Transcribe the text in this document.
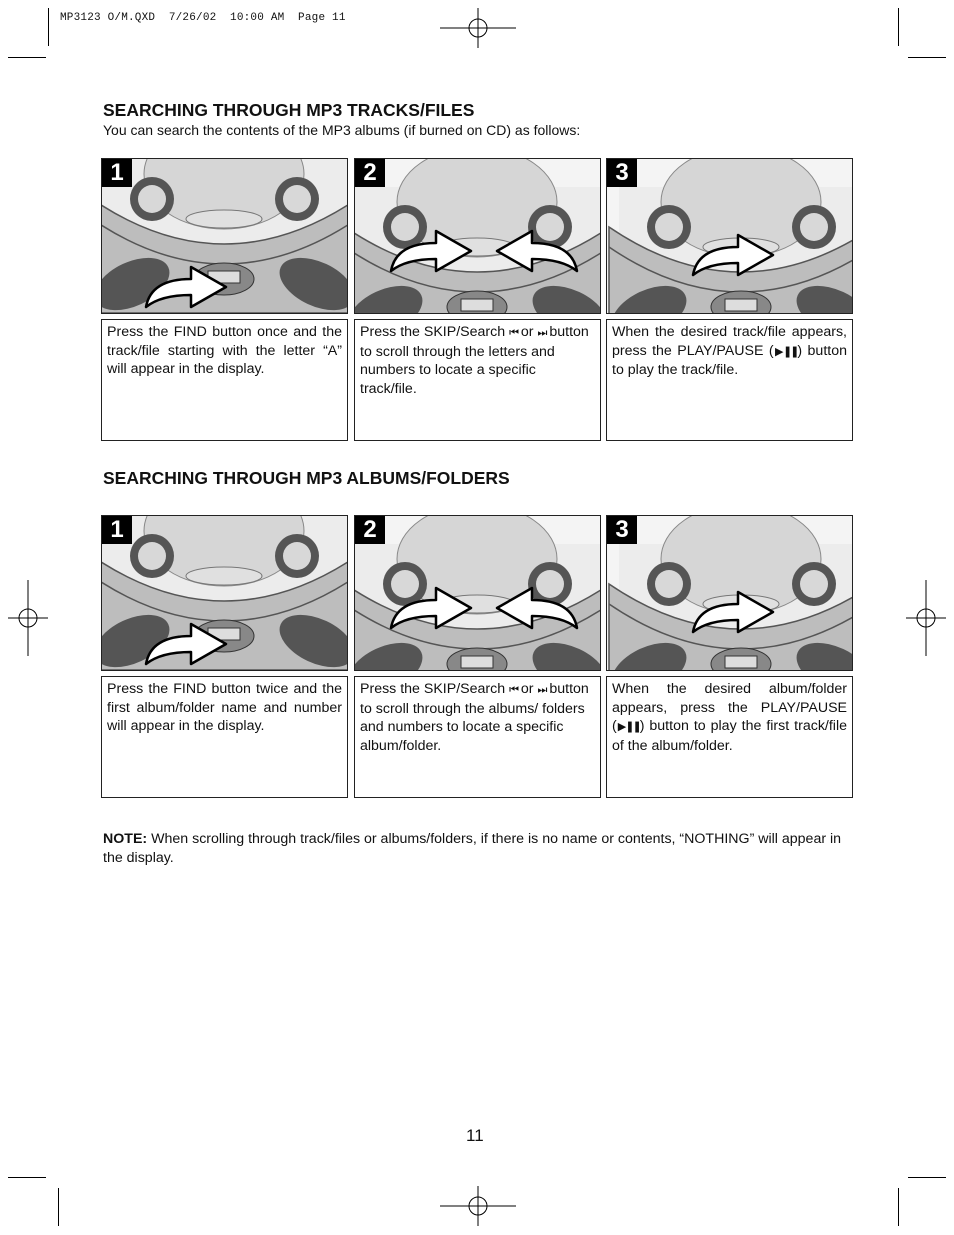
MP3123 O/M.QXD  7/26/02  10:00 AM  Page 11
SEARCHING THROUGH MP3 TRACKS/FILES
You can search the contents of the MP3 albums (if burned on CD) as follows:
1	2	3
Press the FIND button once and the track/file starting with the letter “A” will appear in the display.
Press the SKIP/Search ⏮ or ⏭ button to scroll through the letters and numbers to locate a specific track/file.
When the desired track/file appears, press the PLAY/PAUSE (▶❚❚) button to play the track/file.
SEARCHING THROUGH MP3 ALBUMS/FOLDERS
1	2	3
Press the FIND button twice and the first album/folder name and number will appear in the display.
Press the SKIP/Search ⏮ or ⏭ button to scroll through the albums/ folders and numbers to locate a specific album/folder.
When the desired album/folder appears, press the PLAY/PAUSE (▶❚❚) button to play the first track/file of the album/folder.
NOTE: When scrolling through track/files or albums/folders, if there is no name or contents, “NOTHING” will appear in the display.
11
